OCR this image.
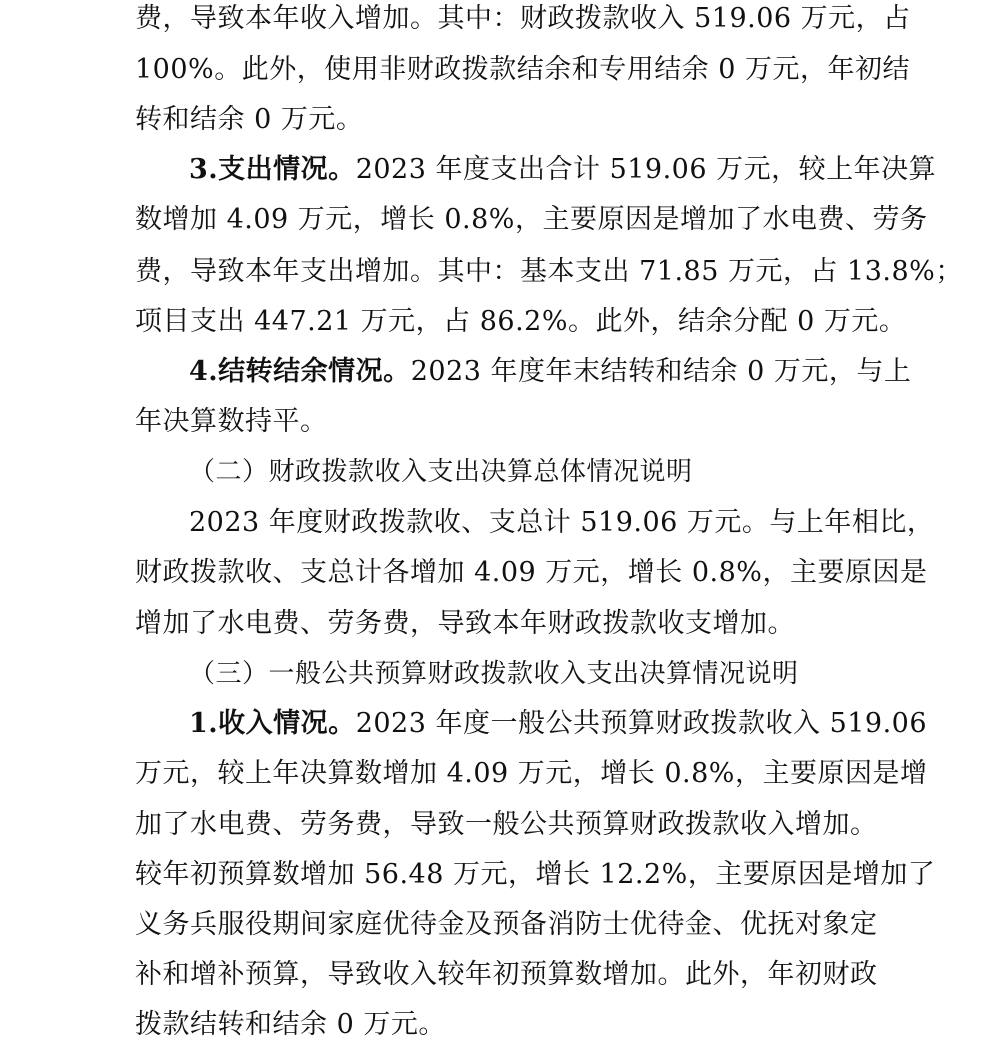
费，导致本年收入增加。其中：财政拨款收入 519.06 万元，占
100%。此外，使用非财政拨款结余和专用结余 0 万元，年初结
转和结余 0 万元。
3.支出情况。2023 年度支出合计 519.06 万元，较上年决算
数增加 4.09 万元，增长 0.8%，主要原因是增加了水电费、劳务
费，导致本年支出增加。其中：基本支出 71.85 万元，占 13.8%；
项目支出 447.21 万元，占 86.2%。此外，结余分配 0 万元。
4.结转结余情况。2023 年度年末结转和结余 0 万元，与上
年决算数持平。
（二）财政拨款收入支出决算总体情况说明
2023 年度财政拨款收、支总计 519.06 万元。与上年相比，
财政拨款收、支总计各增加 4.09 万元，增长 0.8%，主要原因是
增加了水电费、劳务费，导致本年财政拨款收支增加。
（三）一般公共预算财政拨款收入支出决算情况说明
1.收入情况。2023 年度一般公共预算财政拨款收入 519.06
万元，较上年决算数增加 4.09 万元，增长 0.8%，主要原因是增
加了水电费、劳务费，导致一般公共预算财政拨款收入增加。
较年初预算数增加 56.48 万元，增长 12.2%，主要原因是增加了
义务兵服役期间家庭优待金及预备消防士优待金、优抚对象定
补和增补预算，导致收入较年初预算数增加。此外，年初财政
拨款结转和结余 0 万元。
